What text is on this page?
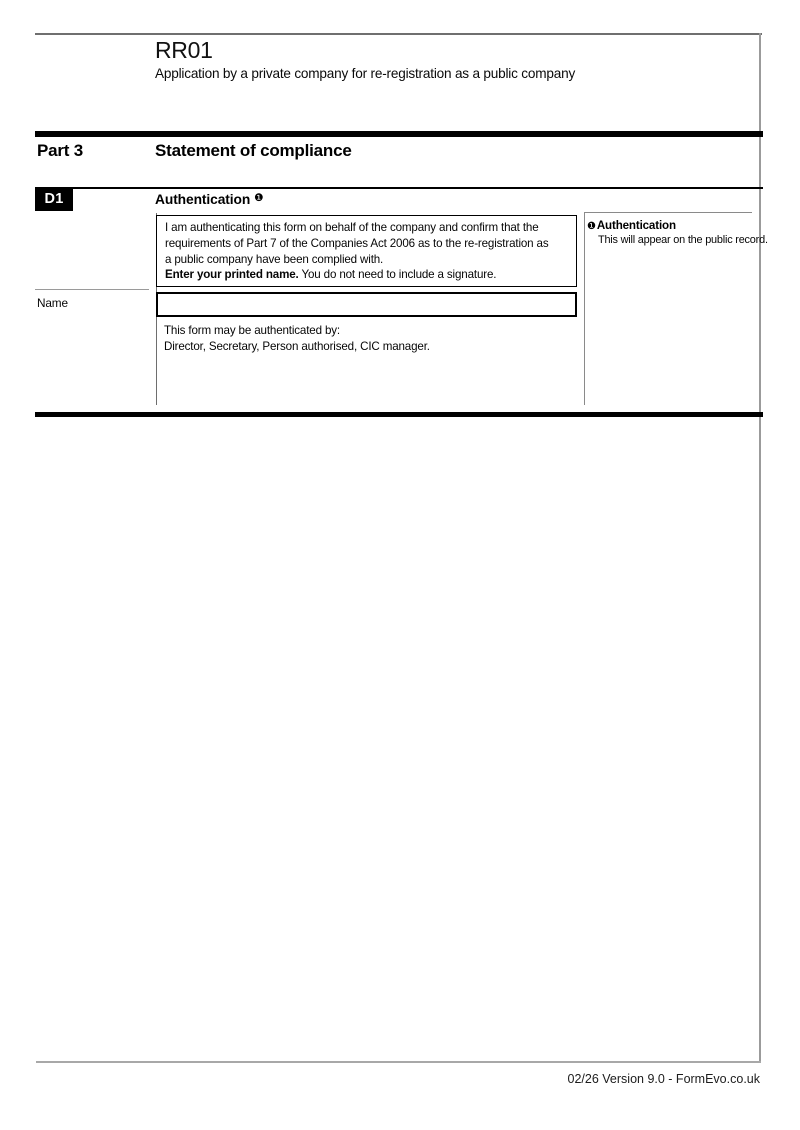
RR01
Application by a private company for re-registration as a public company
Part 3	Statement of compliance
D1	Authentication $^❶$
I am authenticating this form on behalf of the company and confirm that the
requirements of Part 7 of the Companies Act 2006 as to the re-registration as
a public company have been complied with.
Enter your printed name. You do not need to include a signature.
Name
This form may be authenticated by:
Director, Secretary, Person authorised, CIC manager.
❶Authentication
This will appear on the public record.
02/26 Version 9.0 - FormEvo.co.uk
